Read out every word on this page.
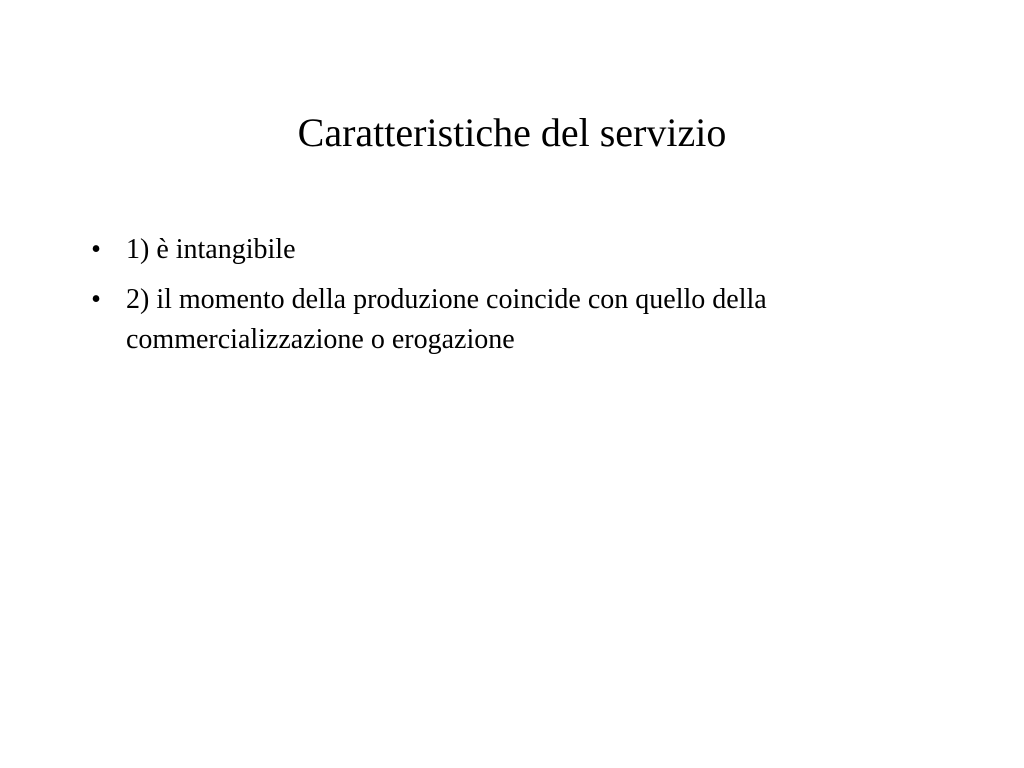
Caratteristiche del servizio
• 1) è intangibile
• 2) il momento della produzione coincide con quello della commercializzazione o erogazione
